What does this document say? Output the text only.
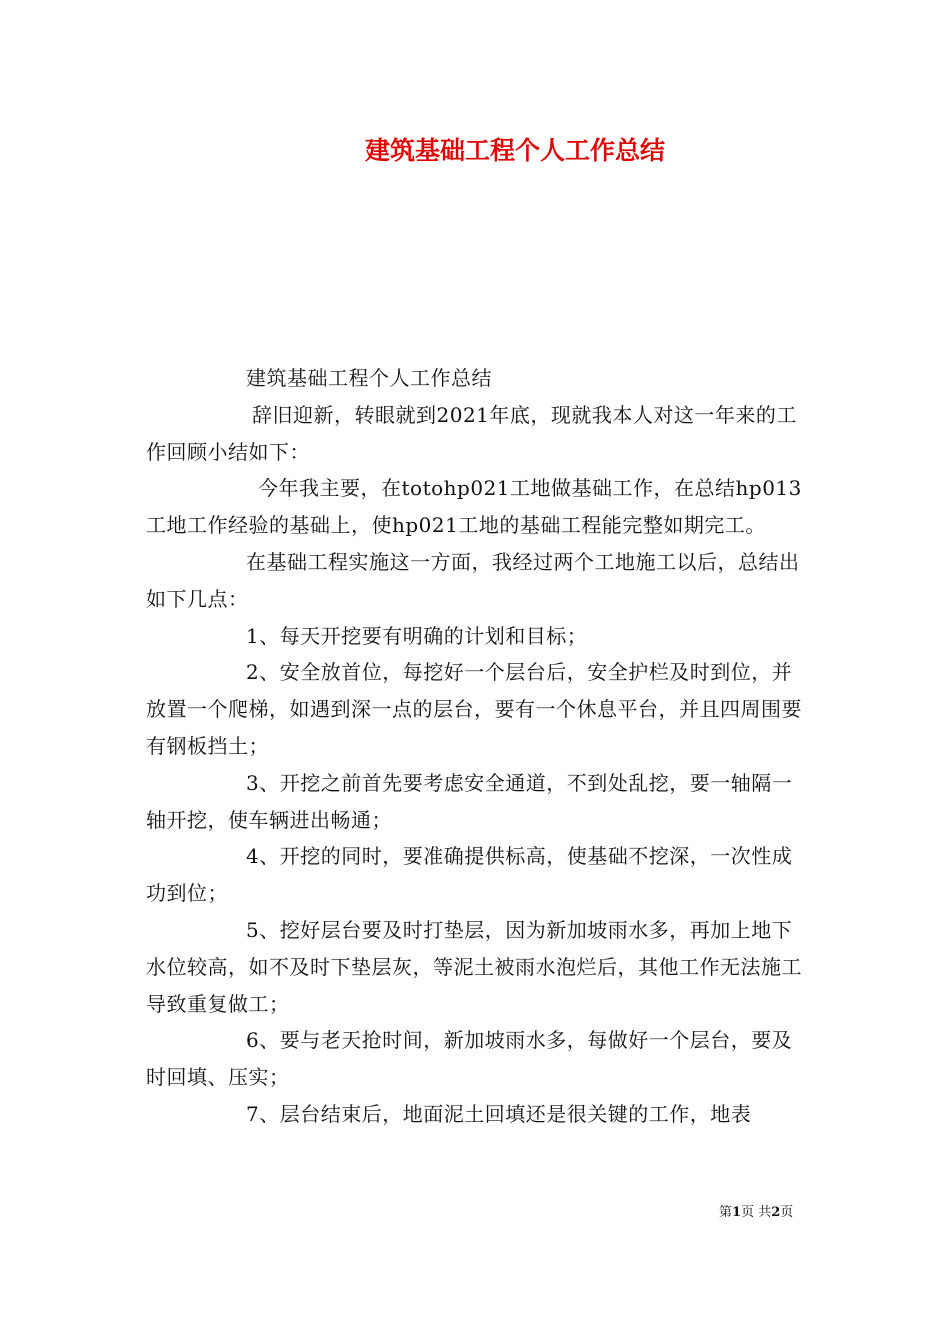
建筑基础工程个人工作总结

建筑基础工程个人工作总结

辞旧迎新，转眼就到2021年底，现就我本人对这一年来的工作回顾小结如下：

今年我主要，在totohp021工地做基础工作，在总结hp013工地工作经验的基础上，使hp021工地的基础工程能完整如期完工。

在基础工程实施这一方面，我经过两个工地施工以后，总结出如下几点：

1、每天开挖要有明确的计划和目标；

2、安全放首位，每挖好一个层台后，安全护栏及时到位，并放置一个爬梯，如遇到深一点的层台，要有一个休息平台，并且四周围要有钢板挡土；

3、开挖之前首先要考虑安全通道，不到处乱挖，要一轴隔一轴开挖，使车辆进出畅通；

4、开挖的同时，要准确提供标高，使基础不挖深，一次性成功到位；

5、挖好层台要及时打垫层，因为新加坡雨水多，再加上地下水位较高，如不及时下垫层灰，等泥土被雨水泡烂后，其他工作无法施工导致重复做工；

6、要与老天抢时间，新加坡雨水多，每做好一个层台，要及时回填、压实；

7、层台结束后，地面泥土回填还是很关键的工作，地表

第1页 共2页
